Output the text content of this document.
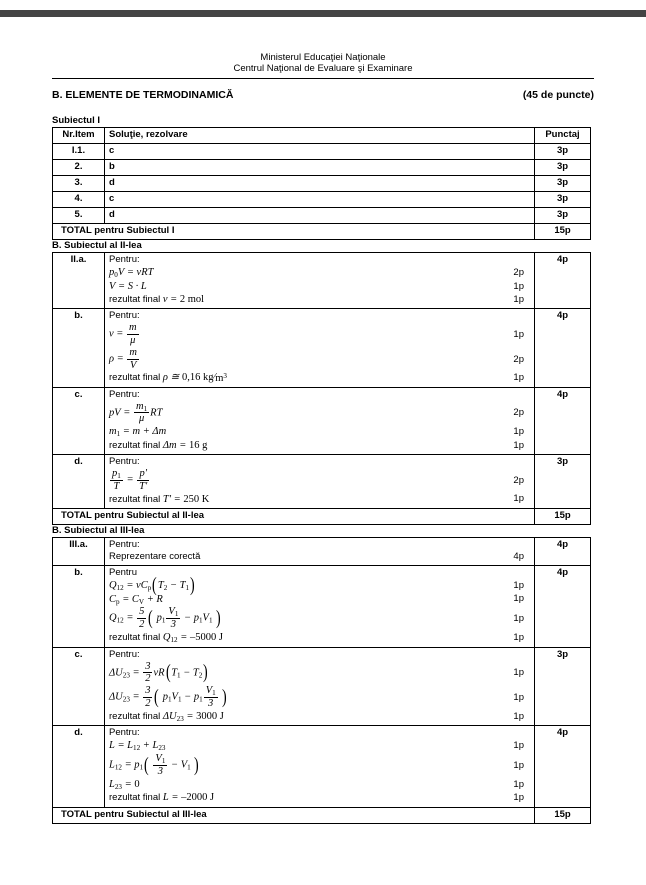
Ministerul Educaţiei Naţionale
Centrul Naţional de Evaluare şi Examinare
B. ELEMENTE DE TERMODINAMICĂ	(45 de puncte)
Subiectul I
Nr.Item	Soluţie, rezolvare	Punctaj
I.1.	c	3p
2.	b	3p
3.	d	3p
4.	c	3p
5.	d	3p
TOTAL pentru Subiectul I		15p
B. Subiectul al II-lea
II.a.	Pentru:
$p_0V = \nu RT$	2p
V = S · L	1p
rezultat final ν = 2 mol	1p
	4p
b.	Pentru:
$\nu = \frac{m}{\mu}$	1p
$\rho = \frac{m}{V}$	2p
rezultat final ρ ≅ 0,16 $kg⁄m^3$	1p
	4p
c.	Pentru:
pV = $\frac{m_1}{\mu}$ RT	2p
$m_1 = m + \Delta m$	1p
rezultat final Δm = 16 g	1p
	4p
d.	Pentru:
$\frac{p_1}{T} = \frac{p'}{T'}$	2p
rezultat final T′ = 250 K	1p
	3p
TOTAL pentru Subiectul al II-lea		15p
B. Subiectul al III-lea
III.a.	Pentru:
Reprezentare corectă 4p	4p
b.	Pentru
$Q_{12} = \nu C_p(T_2 - T_1)$	1p
$C_p = C_V + R$	1p
$Q_{12} = \frac{5}{2}$ ( $p_1 \frac{V_1}{3} - p_1V_1$ )	1p
rezultat final $Q_{12} = -5000$ J	1p
	4p
c.	Pentru:
$\Delta U_{23} = \frac{3}{2} \nu R(T_1 - T_2)$	1p
$\Delta U_{23} = \frac{3}{2}$ ( $p_1V_1 - p_1 \frac{V_1}{3}$ )	1p
rezultat final $\Delta U_{23} = 3000$ J	1p
	3p
d.	Pentru:
$L = L_{12} + L_{23}$	1p
$L_{12} = p_1( \frac{V_1}{3} - V_1$ )	1p
$L_{23} = 0$	1p
rezultat final L = –2000 J	1p
	4p
TOTAL pentru Subiectul al III-lea		15p
